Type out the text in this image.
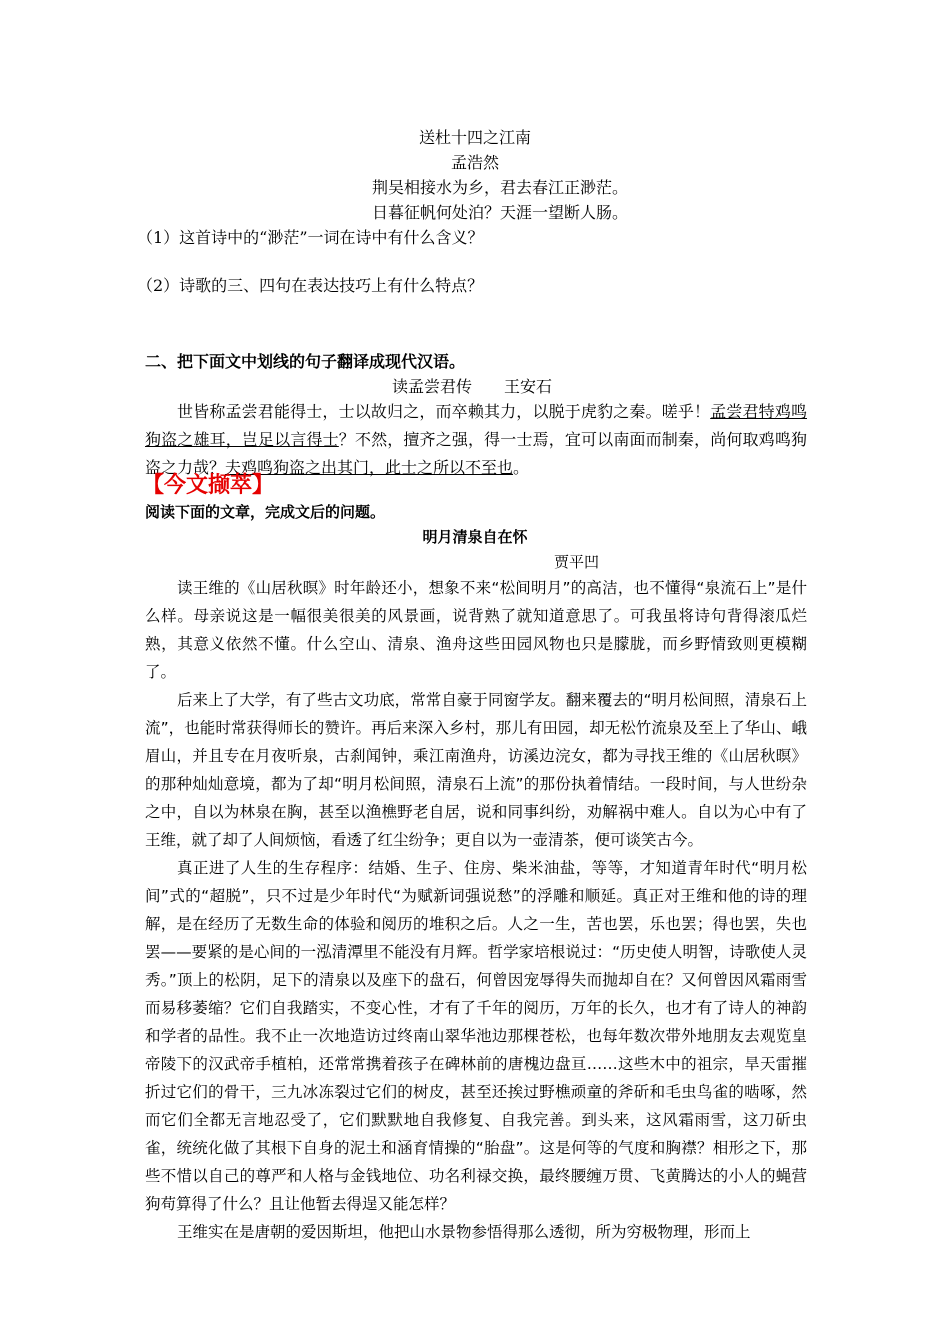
送杜十四之江南
孟浩然
荆吴相接水为乡，君去春江正渺茫。
日暮征帆何处泊？天涯一望断人肠。
（1）这首诗中的“渺茫”一词在诗中有什么含义？
（2）诗歌的三、四句在表达技巧上有什么特点？
二、把下面文中划线的句子翻译成现代汉语。
读孟尝君传　　王安石

世皆称孟尝君能得士，士以故归之，而卒赖其力，以脱于虎豹之秦。嗟乎！孟尝君特鸡鸣狗盗之雄耳，岂足以言得士？不然，擅齐之强，得一士焉，宜可以南面而制秦，尚何取鸡鸣狗盗之力哉？夫鸡鸣狗盗之出其门，此士之所以不至也。

【今文撷萃】
阅读下面的文章，完成文后的问题。
明月清泉自在怀
贾平凹

读王维的《山居秋暝》时年龄还小，想象不来“松间明月”的高洁，也不懂得“泉流石上”是什么样。母亲说这是一幅很美很美的风景画，说背熟了就知道意思了。可我虽将诗句背得滚瓜烂熟，其意义依然不懂。什么空山、清泉、渔舟这些田园风物也只是朦胧，而乡野情致则更模糊了。

后来上了大学，有了些古文功底，常常自豪于同窗学友。翻来覆去的“明月松间照，清泉石上流”，也能时常获得师长的赞许。再后来深入乡村，那儿有田园，却无松竹流泉及至上了华山、峨眉山，并且专在月夜听泉，古刹闻钟，乘江南渔舟，访溪边浣女，都为寻找王维的《山居秋暝》的那种灿灿意境，都为了却“明月松间照，清泉石上流”的那份执着情结。一段时间，与人世纷杂之中，自以为林泉在胸，甚至以渔樵野老自居，说和同事纠纷，劝解祸中难人。自以为心中有了王维，就了却了人间烦恼，看透了红尘纷争；更自以为一壶清茶，便可谈笑古今。

真正进了人生的生存程序：结婚、生子、住房、柴米油盐，等等，才知道青年时代“明月松间”式的“超脱”，只不过是少年时代“为赋新词强说愁”的浮雕和顺延。真正对王维和他的诗的理解，是在经历了无数生命的体验和阅历的堆积之后。人之一生，苦也罢，乐也罢；得也罢，失也罢——要紧的是心间的一泓清潭里不能没有月辉。哲学家培根说过：“历史使人明智，诗歌使人灵秀。”顶上的松阴，足下的清泉以及座下的盘石，何曾因宠辱得失而抛却自在？又何曾因风霜雨雪而易移萎缩？它们自我踏实，不变心性，才有了千年的阅历，万年的长久，也才有了诗人的神韵和学者的品性。我不止一次地造访过终南山翠华池边那棵苍松，也每年数次带外地朋友去观览皇帝陵下的汉武帝手植柏，还常常携着孩子在碑林前的唐槐边盘亘……这些木中的祖宗，旱天雷摧折过它们的骨干，三九冰冻裂过它们的树皮，甚至还挨过野樵顽童的斧斫和毛虫鸟雀的啮啄，然而它们全都无言地忍受了，它们默默地自我修复、自我完善。到头来，这风霜雨雪，这刀斫虫雀，统统化做了其根下自身的泥土和涵育情操的“胎盘”。这是何等的气度和胸襟？相形之下，那些不惜以自己的尊严和人格与金钱地位、功名利禄交换，最终腰缠万贯、飞黄腾达的小人的蝇营狗苟算得了什么？且让他暂去得逞又能怎样？

王维实在是唐朝的爱因斯坦，他把山水景物参悟得那么透彻，所为穷极物理，形而上
